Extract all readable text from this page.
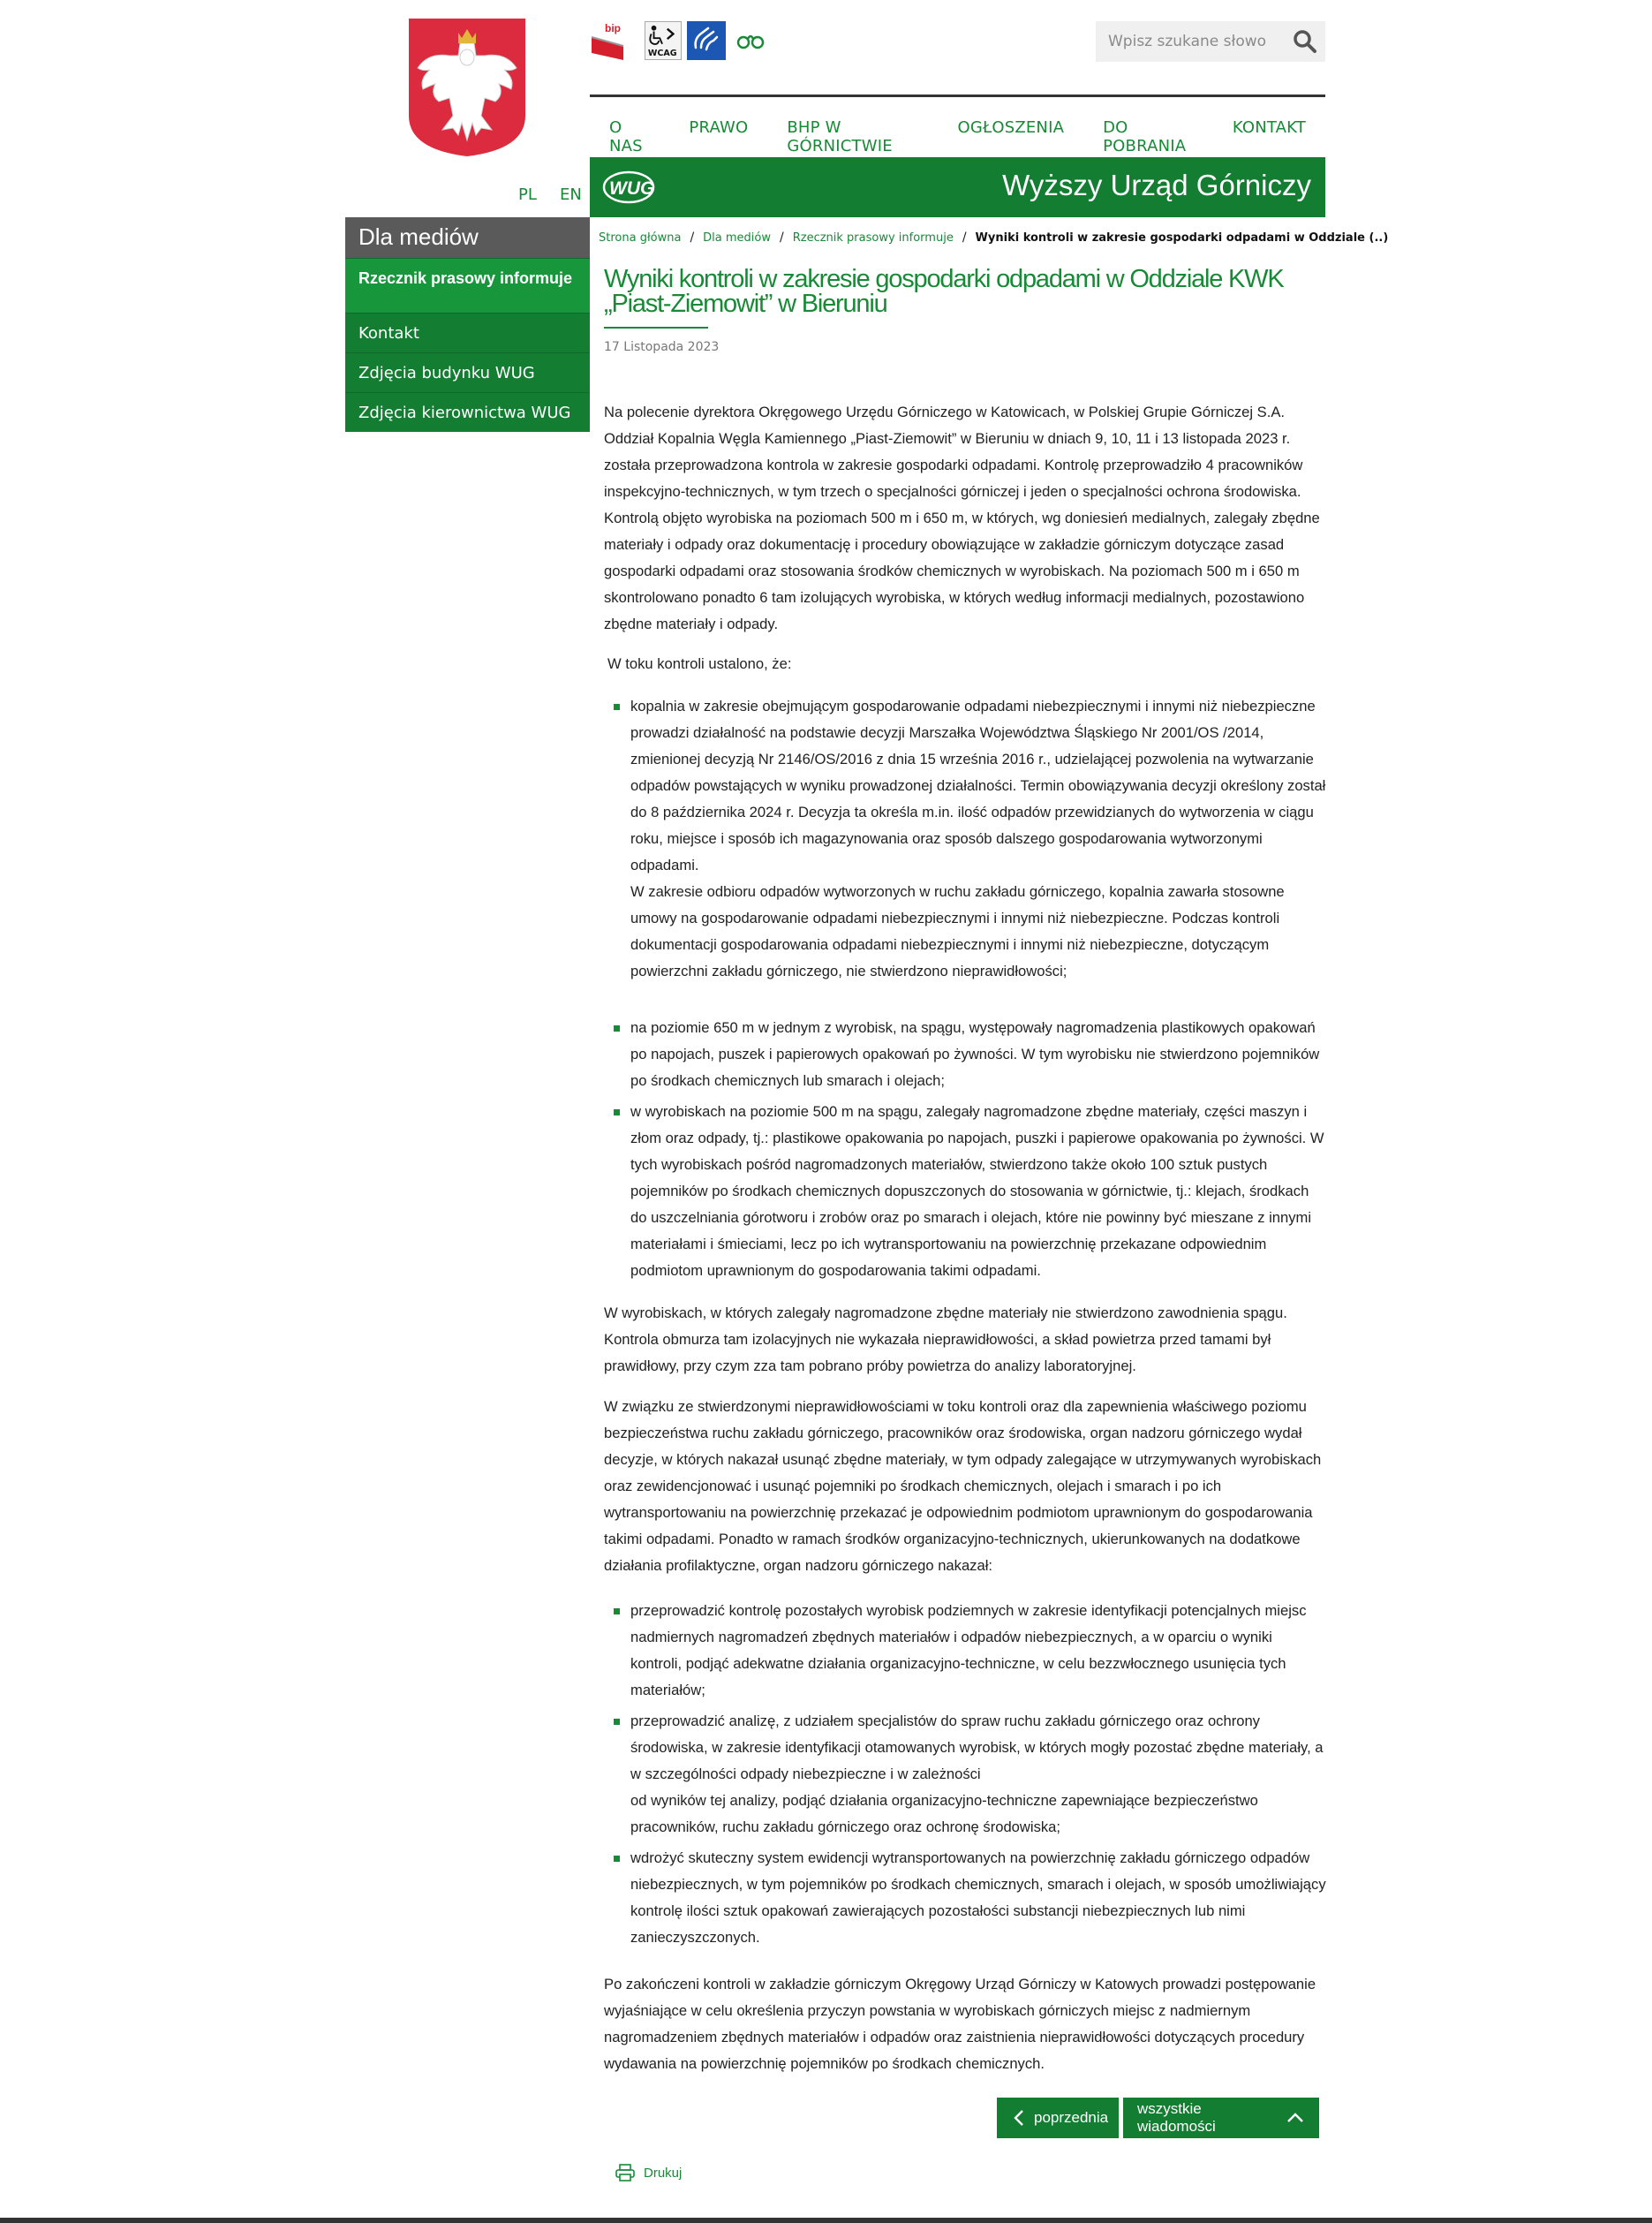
PL EN
bip
WCAG
Wpisz szukane słowo
O NAS
PRAWO	BHP W GÓRNICTWIE
OGŁOSZENIA	DO POBRANIA
KONTAKT
WUG	Wyższy Urząd Górniczy
Dla mediów
Rzecznik prasowy informuje
Kontakt
Zdjęcia budynku WUG
Zdjęcia kierownictwa WUG
Strona główna / Dla mediów / Rzecznik prasowy informuje / Wyniki kontroli w zakresie gospodarki odpadami w Oddziale (..)
Wyniki kontroli w zakresie gospodarki odpadami w Oddziale KWK „Piast-Ziemowit” w Bieruniu
17 Listopada 2023

Na polecenie dyrektora Okręgowego Urzędu Górniczego w Katowicach, w Polskiej Grupie Górniczej S.A. Oddział Kopalnia Węgla Kamiennego „Piast-Ziemowit” w Bieruniu w dniach 9, 10, 11 i 13 listopada 2023 r. została przeprowadzona kontrola w zakresie gospodarki odpadami. Kontrolę przeprowadziło 4 pracowników inspekcyjno-technicznych, w tym trzech o specjalności górniczej i jeden o specjalności ochrona środowiska. Kontrolą objęto wyrobiska na poziomach 500 m i 650 m, w których, wg doniesień medialnych, zalegały zbędne materiały i odpady oraz dokumentację i procedury obowiązujące w zakładzie górniczym dotyczące zasad gospodarki odpadami oraz stosowania środków chemicznych w wyrobiskach. Na poziomach 500 m i 650 m skontrolowano ponadto 6 tam izolujących wyrobiska, w których według informacji medialnych, pozostawiono zbędne materiały i odpady.

W toku kontroli ustalono, że:

kopalnia w zakresie obejmującym gospodarowanie odpadami niebezpiecznymi i innymi niż niebezpieczne prowadzi działalność na podstawie decyzji Marszałka Województwa Śląskiego Nr 2001/OS /2014, zmienionej decyzją Nr 2146/OS/2016 z dnia 15 września 2016 r., udzielającej pozwolenia na wytwarzanie odpadów powstających w wyniku prowadzonej działalności. Termin obowiązywania decyzji określony został do 8 października 2024 r. Decyzja ta określa m.in. ilość odpadów przewidzianych do wytworzenia w ciągu roku, miejsce i sposób ich magazynowania oraz sposób dalszego gospodarowania wytworzonymi odpadami.
W zakresie odbioru odpadów wytworzonych w ruchu zakładu górniczego, kopalnia zawarła stosowne umowy na gospodarowanie odpadami niebezpiecznymi i innymi niż niebezpieczne. Podczas kontroli dokumentacji gospodarowania odpadami niebezpiecznymi i innymi niż niebezpieczne, dotyczącym powierzchni zakładu górniczego, nie stwierdzono nieprawidłowości;
na poziomie 650 m w jednym z wyrobisk, na spągu, występowały nagromadzenia plastikowych opakowań po napojach, puszek i papierowych opakowań po żywności. W tym wyrobisku nie stwierdzono pojemników po środkach chemicznych lub smarach i olejach;
w wyrobiskach na poziomie 500 m na spągu, zalegały nagromadzone zbędne materiały, części maszyn i złom oraz odpady, tj.: plastikowe opakowania po napojach, puszki i papierowe opakowania po żywności. W tych wyrobiskach pośród nagromadzonych materiałów, stwierdzono także około 100 sztuk pustych pojemników po środkach chemicznych dopuszczonych do stosowania w górnictwie, tj.: klejach, środkach do uszczelniania górotworu i zrobów oraz po smarach i olejach, które nie powinny być mieszane z innymi materiałami i śmieciami, lecz po ich wytransportowaniu na powierzchnię przekazane odpowiednim podmiotom uprawnionym do gospodarowania takimi odpadami.

W wyrobiskach, w których zalegały nagromadzone zbędne materiały nie stwierdzono zawodnienia spągu. Kontrola obmurza tam izolacyjnych nie wykazała nieprawidłowości, a skład powietrza przed tamami był prawidłowy, przy czym zza tam pobrano próby powietrza do analizy laboratoryjnej.

W związku ze stwierdzonymi nieprawidłowościami w toku kontroli oraz dla zapewnienia właściwego poziomu bezpieczeństwa ruchu zakładu górniczego, pracowników oraz środowiska, organ nadzoru górniczego wydał decyzje, w których nakazał usunąć zbędne materiały, w tym odpady zalegające w utrzymywanych wyrobiskach oraz zewidencjonować i usunąć pojemniki po środkach chemicznych, olejach i smarach i po ich wytransportowaniu na powierzchnię przekazać je odpowiednim podmiotom uprawnionym do gospodarowania takimi odpadami. Ponadto w ramach środków organizacyjno-technicznych, ukierunkowanych na dodatkowe działania profilaktyczne, organ nadzoru górniczego nakazał:

przeprowadzić kontrolę pozostałych wyrobisk podziemnych w zakresie identyfikacji potencjalnych miejsc nadmiernych nagromadzeń zbędnych materiałów i odpadów niebezpiecznych, a w oparciu o wyniki kontroli, podjąć adekwatne działania organizacyjno-techniczne, w celu bezzwłocznego usunięcia tych materiałów;
przeprowadzić analizę, z udziałem specjalistów do spraw ruchu zakładu górniczego oraz ochrony środowiska, w zakresie identyfikacji otamowanych wyrobisk, w których mogły pozostać zbędne materiały, a w szczególności odpady niebezpieczne i w zależności
od wyników tej analizy, podjąć działania organizacyjno-techniczne zapewniające bezpieczeństwo pracowników, ruchu zakładu górniczego oraz ochronę środowiska;
wdrożyć skuteczny system ewidencji wytransportowanych na powierzchnię zakładu górniczego odpadów niebezpiecznych, w tym pojemników po środkach chemicznych, smarach i olejach, w sposób umożliwiający kontrolę ilości sztuk opakowań zawierających pozostałości substancji niebezpiecznych lub nimi zanieczyszczonych.

Po zakończeni kontroli w zakładzie górniczym Okręgowy Urząd Górniczy w Katowych prowadzi postępowanie wyjaśniające w celu określenia przyczyn powstania w wyrobiskach górniczych miejsc z nadmiernym nagromadzeniem zbędnych materiałów i odpadów oraz zaistnienia nieprawidłowości dotyczących procedury wydawania na powierzchnię pojemników po środkach chemicznych.

poprzednia
wszystkie wiadomości
Drukuj
